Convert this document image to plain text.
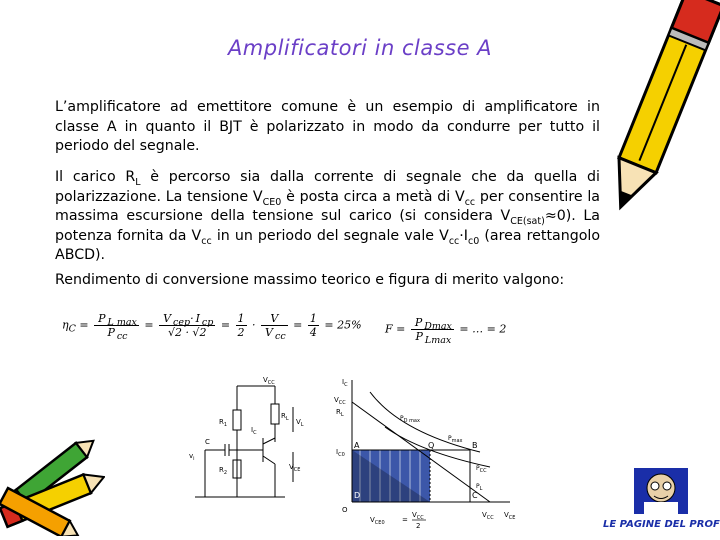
Amplificatori in classe A
L’amplificatore ad emettitore comune è un esempio di amplificatore in classe A in quanto il BJT è polarizzato in modo da condurre per tutto il periodo del segnale.
Il carico $R_L$ è percorso sia dalla corrente di segnale che da quella di polarizzazione. La tensione $V_{CE0}$ è posta circa a metà di $V_{cc}$ per consentire la massima escursione della tensione sul carico (si considera $V_{CE(sat)}\approx 0$). La potenza fornita da $V_{cc}$ in un periodo del segnale vale $V_{cc}\cdot I_{c0}$ (area rettangolo ABCD).
Rendimento di conversione massimo teorico e figura di merito valgono:
$\eta_C = \frac{P _{L max}}{P _{cc}} = \frac{V _{cep}\cdot I _{cp}}{√2 \cdot √2} = \frac{1}{2} \cdot \frac{V}{V _{cc}} = \frac{1}{4} = 25\%$ $F = \frac{P _{Dmax}}{P _{Lmax}}$ = … = 2
$V_{CC}$
$R_1$
$R_2$
$R_L$
$I_C$
$V_L$
$V_{CE}$
C
$v_i$
$I_C$
$V_{CC}$
$R_L$	$P_{D max}$
$P_{max}$
$I_{C0}$
A	Q	B
C
D
$P_{CC}$
$P_L$
O
$V_{CE0}$ =
$V_{CC}$
2
$V_{CC}$ $V_{CE}$
LE PAGINE DEL PROF
